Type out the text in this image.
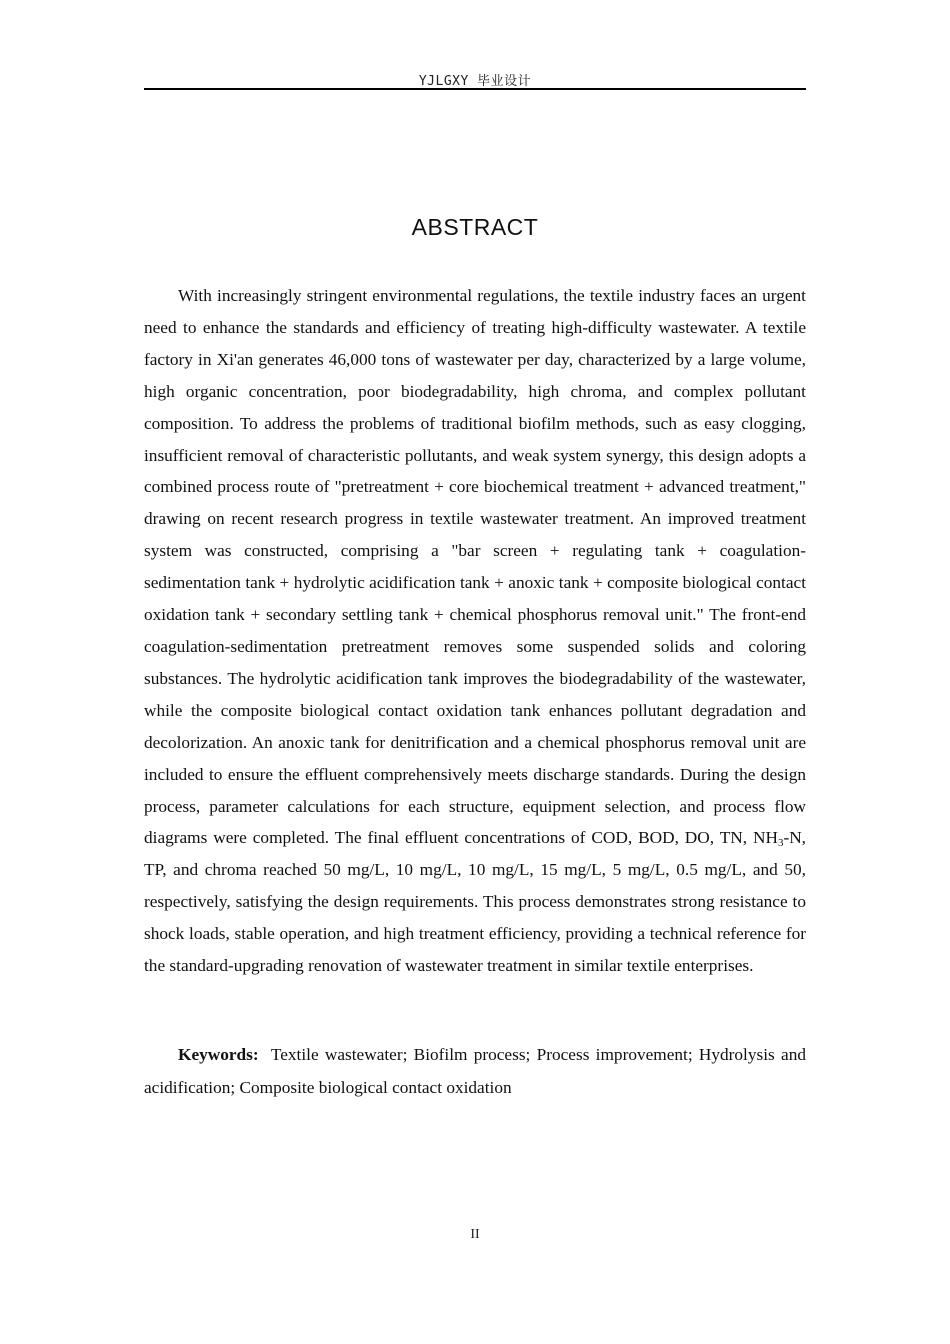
YJLGXY 毕业设计
ABSTRACT

With increasingly stringent environmental regulations, the textile industry faces an urgent need to enhance the standards and efficiency of treating high-difficulty wastewater. A textile factory in Xi'an generates 46,000 tons of wastewater per day, characterized by a large volume, high organic concentration, poor biodegradability, high chroma, and complex pollutant composition. To address the problems of traditional biofilm methods, such as easy clogging, insufficient removal of characteristic pollutants, and weak system synergy, this design adopts a combined process route of "pretreatment + core biochemical treatment + advanced treatment," drawing on recent research progress in textile wastewater treatment. An improved treatment system was constructed, comprising a "bar screen + regulating tank + coagulation-sedimentation tank + hydrolytic acidification tank + anoxic tank + composite biological contact oxidation tank + secondary settling tank + chemical phosphorus removal unit." The front-end coagulation-sedimentation pretreatment removes some suspended solids and coloring substances. The hydrolytic acidification tank improves the biodegradability of the wastewater, while the composite biological contact oxidation tank enhances pollutant degradation and decolorization. An anoxic tank for denitrification and a chemical phosphorus removal unit are included to ensure the effluent comprehensively meets discharge standards. During the design process, parameter calculations for each structure, equipment selection, and process flow diagrams were completed. The final effluent concentrations of COD, BOD, DO, TN, $NH_3-N$, TP, and chroma reached 50 mg/L, 10 mg/L, 10 mg/L, 15 mg/L, 5 mg/L, 0.5 mg/L, and 50, respectively, satisfying the design requirements. This process demonstrates strong resistance to shock loads, stable operation, and high treatment efficiency, providing a technical reference for the standard-upgrading renovation of wastewater treatment in similar textile enterprises.

Keywords: Textile wastewater; Biofilm process; Process improvement; Hydrolysis and acidification; Composite biological contact oxidation

II
